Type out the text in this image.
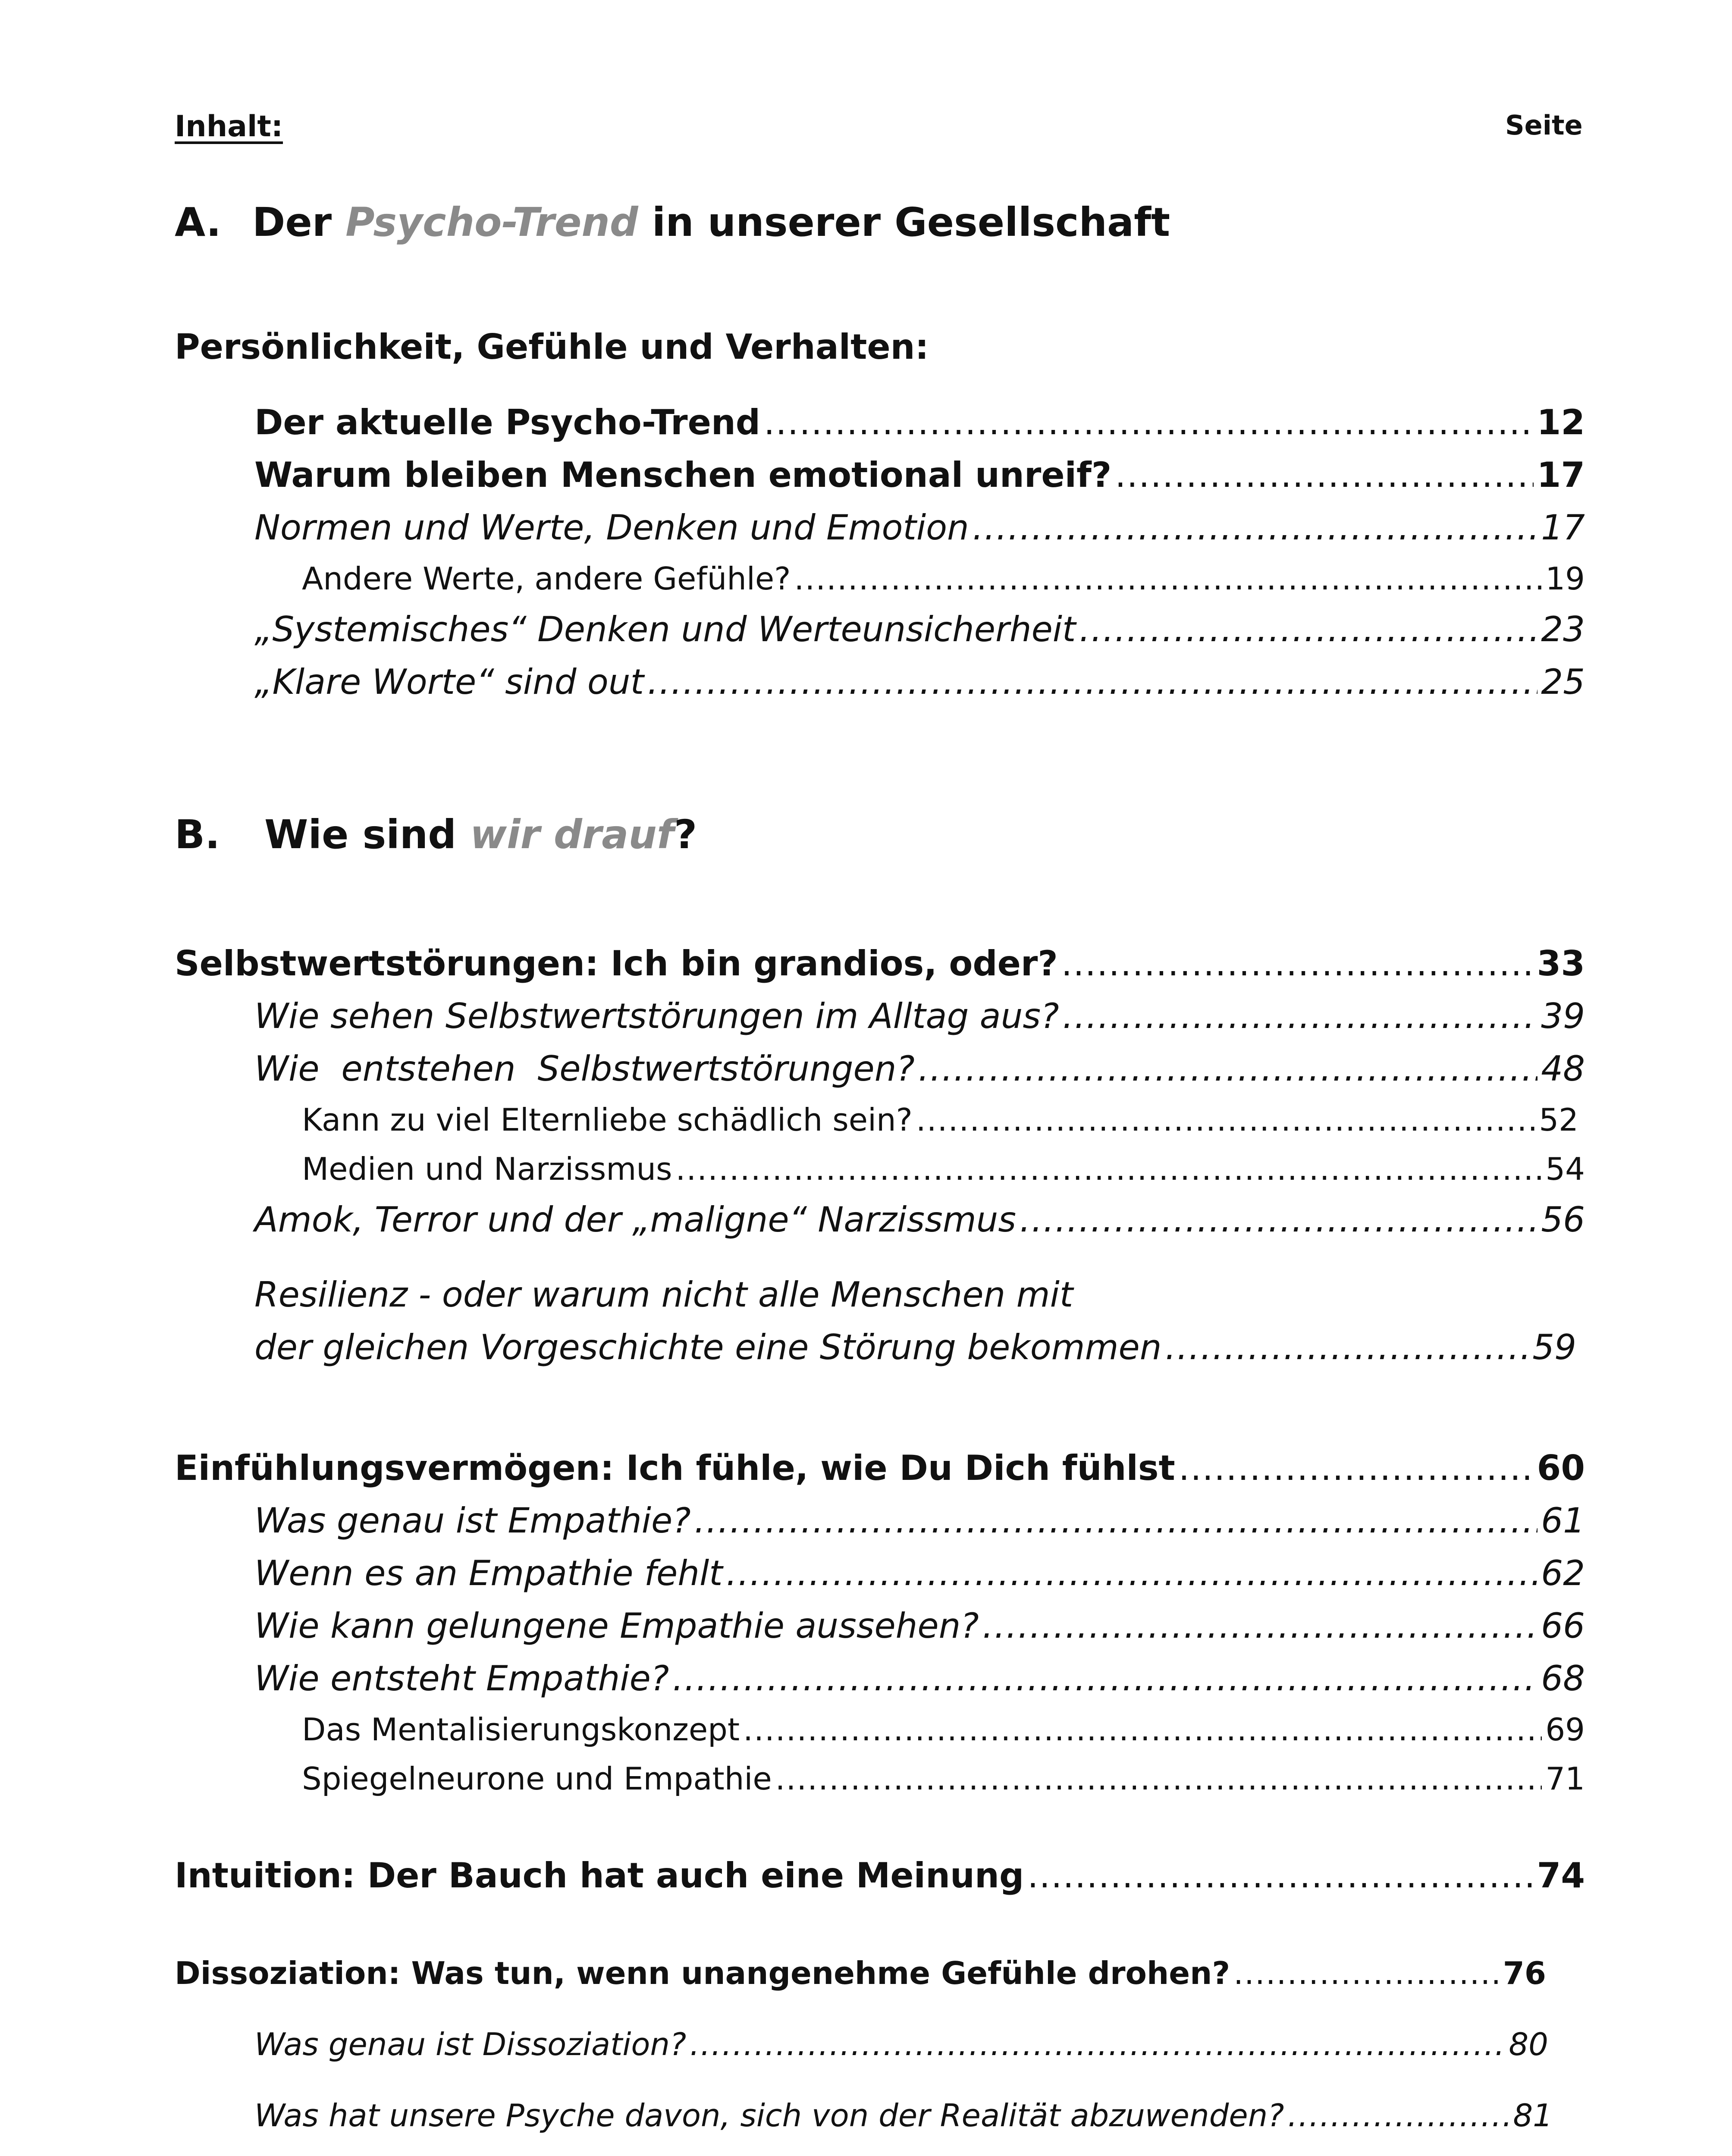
Inhalt:	Seite
A. Der Psycho-Trend in unserer Gesellschaft
Persönlichkeit, Gefühle und Verhalten:
Der aktuelle Psycho-Trend .....	12
Warum bleiben Menschen emotional unreif? .....	17
Normen und Werte, Denken und Emotion .....	17
Andere Werte, andere Gefühle? .....	19
„Systemisches“ Denken und Werteunsicherheit .....	23
„Klare Worte“ sind out .....	25
B. Wie sind wir drauf?
Selbstwertstörungen: Ich bin grandios, oder? .....	33
Wie sehen Selbstwertstörungen im Alltag aus? .....	39
Wie  entstehen  Selbstwertstörungen? .....	48
Kann zu viel Elternliebe schädlich sein? .....	52
Medien und Narzissmus .....	54
Amok, Terror und der „maligne“ Narzissmus .....	56
Resilienz - oder warum nicht alle Menschen mit
der gleichen Vorgeschichte eine Störung bekommen .....	59
Einfühlungsvermögen: Ich fühle, wie Du Dich fühlst .....	60
Was genau ist Empathie? .....	61
Wenn es an Empathie fehlt .....	62
Wie kann gelungene Empathie aussehen? .....	66
Wie entsteht Empathie? .....	68
Das Mentalisierungskonzept .....	69
Spiegelneurone und Empathie .....	71
Intuition: Der Bauch hat auch eine Meinung .....	74
Dissoziation: Was tun, wenn unangenehme Gefühle drohen? .....	76
Was genau ist Dissoziation? .....	80
Was hat unsere Psyche davon, sich von der Realität abzuwenden? .....	81
